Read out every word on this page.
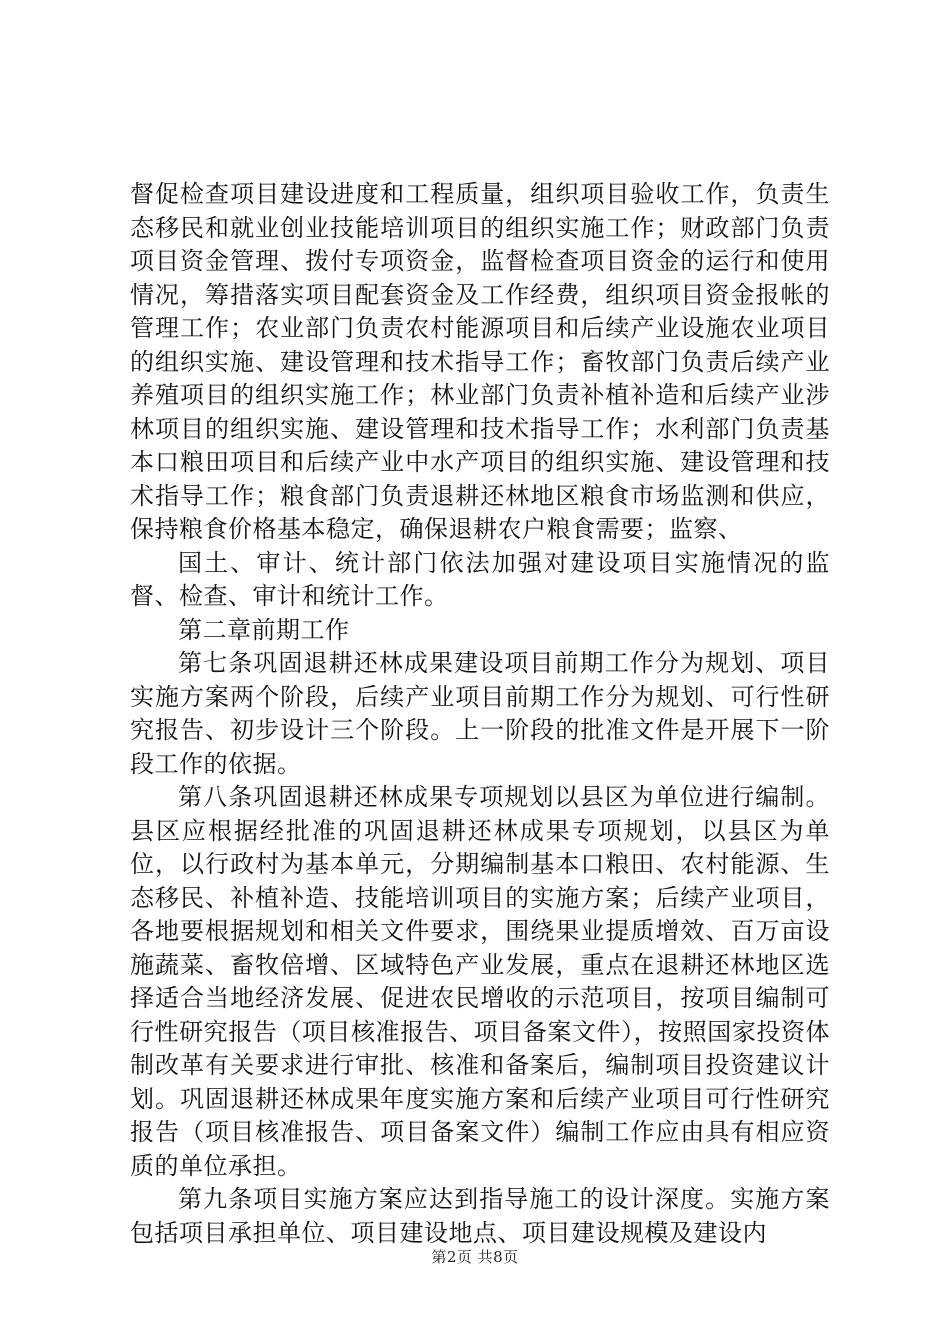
督促检查项目建设进度和工程质量，组织项目验收工作，负责生态移民和就业创业技能培训项目的组织实施工作；财政部门负责项目资金管理、拨付专项资金，监督检查项目资金的运行和使用情况，筹措落实项目配套资金及工作经费，组织项目资金报帐的管理工作；农业部门负责农村能源项目和后续产业设施农业项目的组织实施、建设管理和技术指导工作；畜牧部门负责后续产业养殖项目的组织实施工作；林业部门负责补植补造和后续产业涉林项目的组织实施、建设管理和技术指导工作；水利部门负责基本口粮田项目和后续产业中水产项目的组织实施、建设管理和技术指导工作；粮食部门负责退耕还林地区粮食市场监测和供应，保持粮食价格基本稳定，确保退耕农户粮食需要；监察、

国土、审计、统计部门依法加强对建设项目实施情况的监督、检查、审计和统计工作。

第二章前期工作

第七条巩固退耕还林成果建设项目前期工作分为规划、项目实施方案两个阶段，后续产业项目前期工作分为规划、可行性研究报告、初步设计三个阶段。上一阶段的批准文件是开展下一阶段工作的依据。

第八条巩固退耕还林成果专项规划以县区为单位进行编制。县区应根据经批准的巩固退耕还林成果专项规划，以县区为单位，以行政村为基本单元，分期编制基本口粮田、农村能源、生态移民、补植补造、技能培训项目的实施方案；后续产业项目，各地要根据规划和相关文件要求，围绕果业提质增效、百万亩设施蔬菜、畜牧倍增、区域特色产业发展，重点在退耕还林地区选择适合当地经济发展、促进农民增收的示范项目，按项目编制可行性研究报告（项目核准报告、项目备案文件），按照国家投资体制改革有关要求进行审批、核准和备案后，编制项目投资建议计划。巩固退耕还林成果年度实施方案和后续产业项目可行性研究报告（项目核准报告、项目备案文件）编制工作应由具有相应资质的单位承担。

第九条项目实施方案应达到指导施工的设计深度。实施方案包括项目承担单位、项目建设地点、项目建设规模及建设内

第2页 共8页
